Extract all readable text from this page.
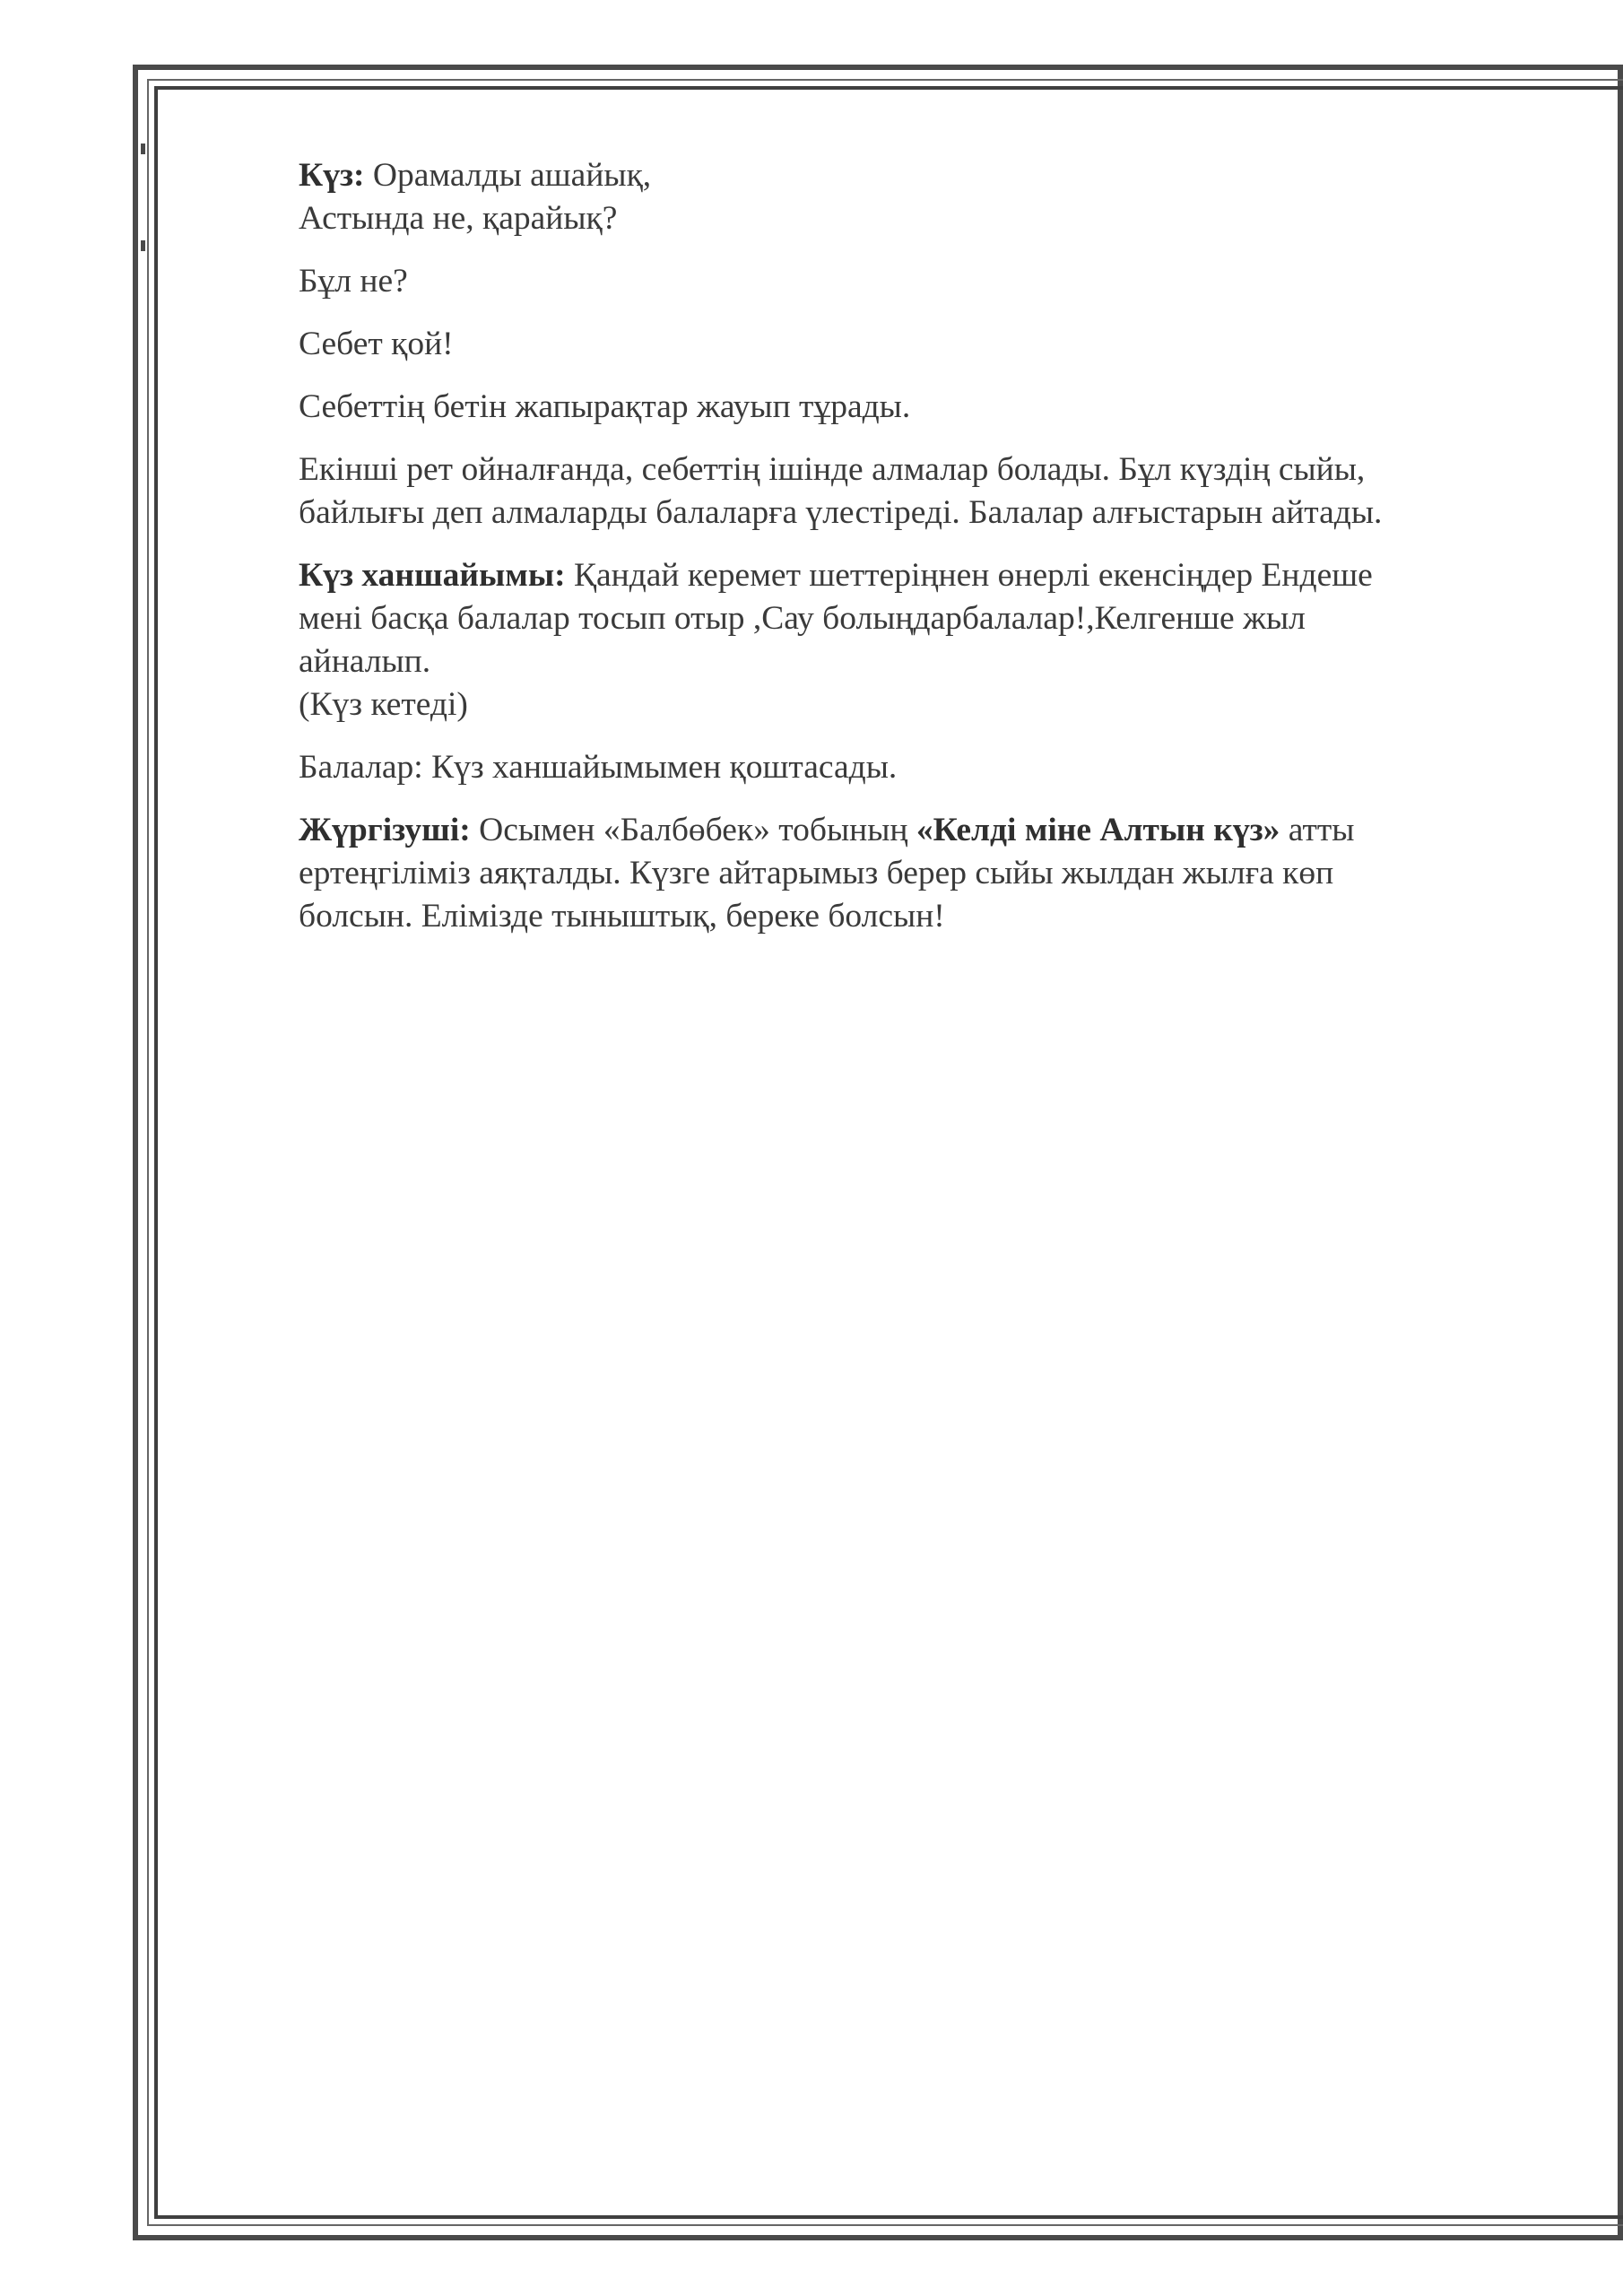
Күз: Орамалды ашайық,
Астында не, қарайық?

Бұл не?

Себет қой!

Себеттің бетін жапырақтар жауып тұрады.

Екінші рет ойналғанда, себеттің ішінде алмалар болады. Бұл күздің сыйы,
байлығы деп алмаларды балаларға үлестіреді. Балалар алғыстарын айтады.

Күз ханшайымы: Қандай керемет шеттеріңнен өнерлі екенсіңдер Ендеше
мені басқа балалар тосып отыр ,Сау болыңдарбалалар!,Келгенше жыл
айналып.
(Күз кетеді)

Балалар: Күз ханшайымымен қоштасады.

Жүргізуші: Осымен «Балбөбек» тобының «Келді міне Алтын күз» атты
ертеңгіліміз аяқталды. Күзге айтарымыз берер сыйы жылдан жылға көп
болсын. Елімізде тыныштық, береке болсын!
